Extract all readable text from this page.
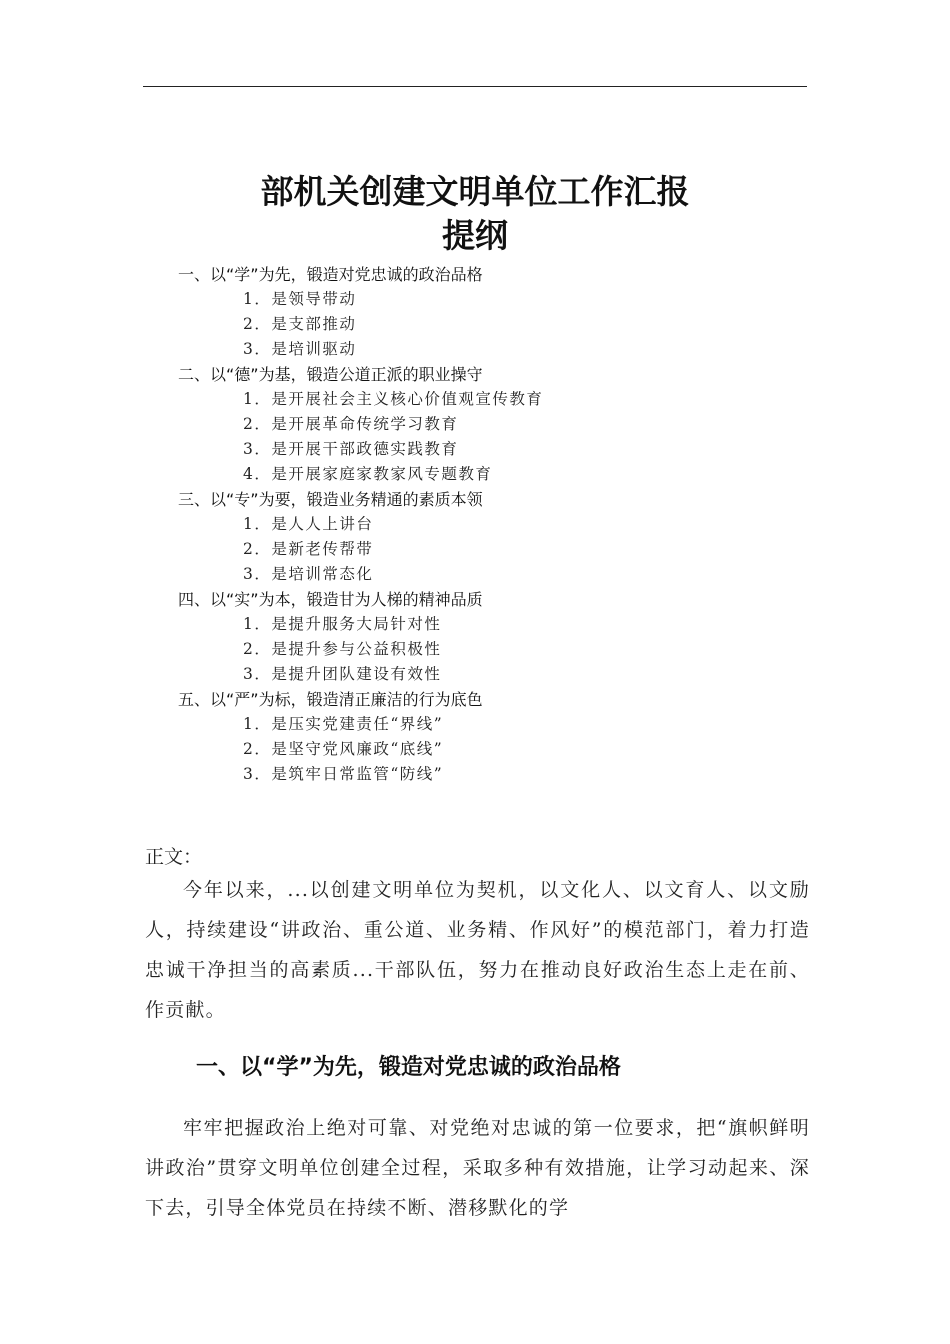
部机关创建文明单位工作汇报
提纲
一、以“学”为先，锻造对党忠诚的政治品格
1．是领导带动
2．是支部推动
3．是培训驱动
二、以“德”为基，锻造公道正派的职业操守
1．是开展社会主义核心价值观宣传教育
2．是开展革命传统学习教育
3．是开展干部政德实践教育
4．是开展家庭家教家风专题教育
三、以“专”为要，锻造业务精通的素质本领
1．是人人上讲台
2．是新老传帮带
3．是培训常态化
四、以“实”为本，锻造甘为人梯的精神品质
1．是提升服务大局针对性
2．是提升参与公益积极性
3．是提升团队建设有效性
五、以“严”为标，锻造清正廉洁的行为底色
1．是压实党建责任“界线”
2．是坚守党风廉政“底线”
3．是筑牢日常监管“防线”
正文：
今年以来，...以创建文明单位为契机，以文化人、以文育人、以文励人，持续建设“讲政治、重公道、业务精、作风好”的模范部门，着力打造忠诚干净担当的高素质...干部队伍，努力在推动良好政治生态上走在前、作贡献。
一、以“学”为先，锻造对党忠诚的政治品格
牢牢把握政治上绝对可靠、对党绝对忠诚的第一位要求，把“旗帜鲜明讲政治”贯穿文明单位创建全过程，采取多种有效措施，让学习动起来、深下去，引导全体党员在持续不断、潜移默化的学
